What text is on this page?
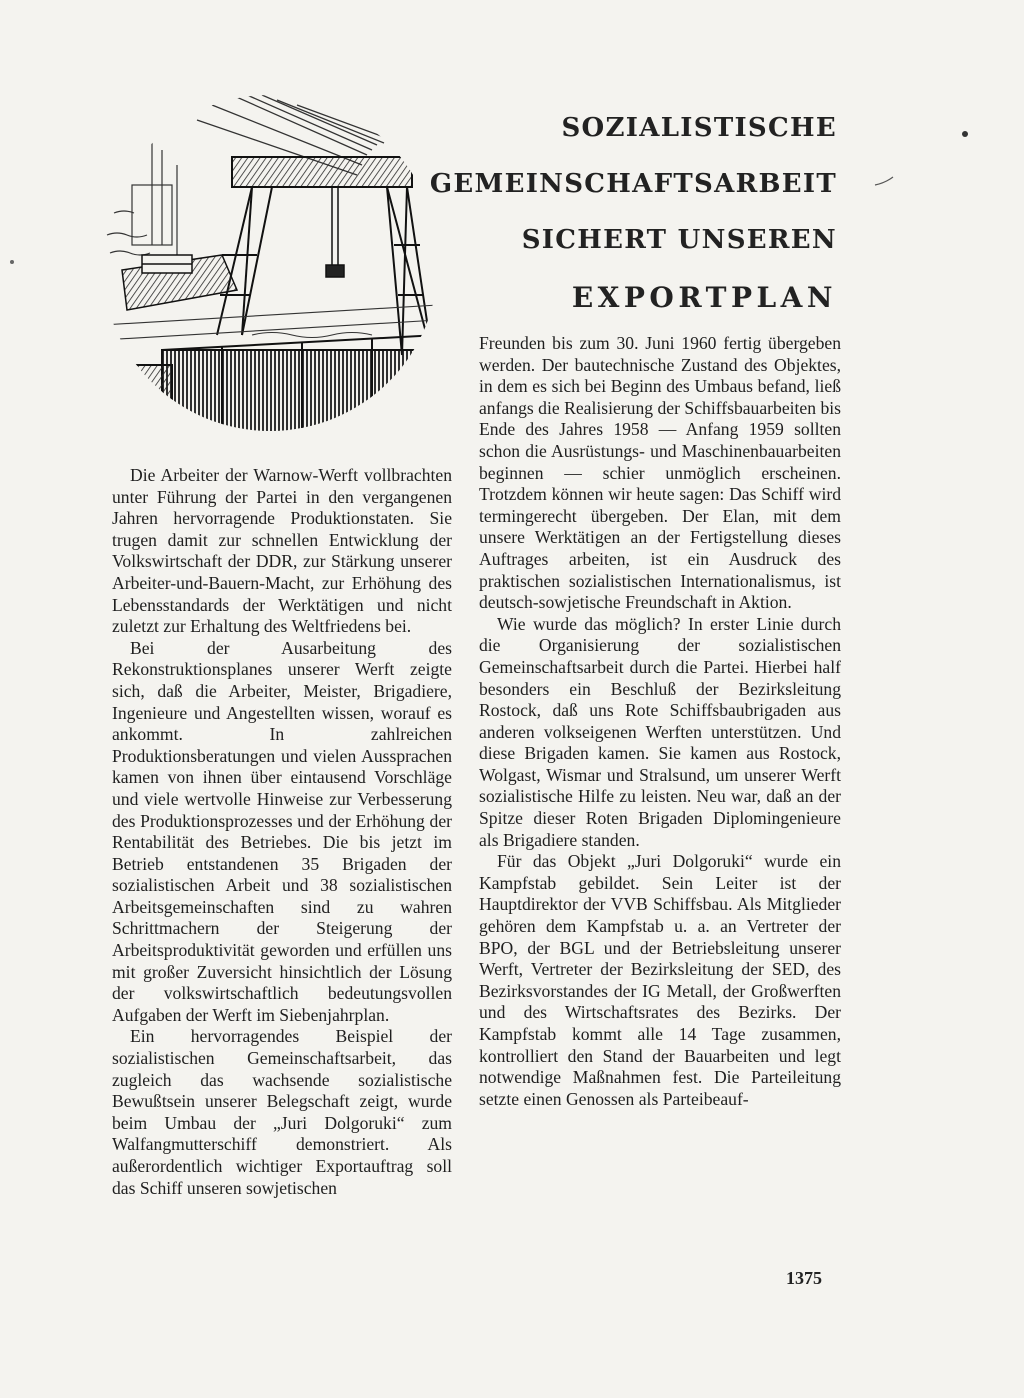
SOZIALISTISCHE
GEMEINSCHAFTSARBEIT
SICHERT UNSEREN
EXPORTPLAN

Die Arbeiter der Warnow-Werft vollbrachten unter Führung der Partei in den vergangenen Jahren hervorragende Produktionstaten. Sie trugen damit zur schnellen Entwicklung der Volkswirtschaft der DDR, zur Stärkung unserer Arbeiter-und-Bauern-Macht, zur Erhöhung des Lebensstandards der Werktätigen und nicht zuletzt zur Erhaltung des Weltfriedens bei.

Bei der Ausarbeitung des Rekonstruktionsplanes unserer Werft zeigte sich, daß die Arbeiter, Meister, Brigadiere, Ingenieure und Angestellten wissen, worauf es ankommt. In zahlreichen Produktionsberatungen und vielen Aussprachen kamen von ihnen über eintausend Vorschläge und viele wertvolle Hinweise zur Verbesserung des Produktionsprozesses und der Erhöhung der Rentabilität des Betriebes. Die bis jetzt im Betrieb entstandenen 35 Brigaden der sozialistischen Arbeit und 38 sozialistischen Arbeitsgemeinschaften sind zu wahren Schrittmachern der Steigerung der Arbeitsproduktivität geworden und erfüllen uns mit großer Zuversicht hinsichtlich der Lösung der volkswirtschaftlich bedeutungsvollen Aufgaben der Werft im Siebenjahrplan.

Ein hervorragendes Beispiel der sozialistischen Gemeinschaftsarbeit, das zugleich das wachsende sozialistische Bewußtsein unserer Belegschaft zeigt, wurde beim Umbau der „Juri Dolgoruki“ zum Walfangmutterschiff demonstriert. Als außerordentlich wichtiger Exportauftrag soll das Schiff unseren sowjetischen

Freunden bis zum 30. Juni 1960 fertig übergeben werden. Der bautechnische Zustand des Objektes, in dem es sich bei Beginn des Umbaus befand, ließ anfangs die Realisierung der Schiffsbauarbeiten bis Ende des Jahres 1958 — Anfang 1959 sollten schon die Ausrüstungs- und Maschinenbauarbeiten beginnen — schier unmöglich erscheinen. Trotzdem können wir heute sagen: Das Schiff wird termingerecht übergeben. Der Elan, mit dem unsere Werktätigen an der Fertigstellung dieses Auftrages arbeiten, ist ein Ausdruck des praktischen sozialistischen Internationalismus, ist deutsch-sowjetische Freundschaft in Aktion.

Wie wurde das möglich? In erster Linie durch die Organisierung der sozialistischen Gemeinschaftsarbeit durch die Partei. Hierbei half besonders ein Beschluß der Bezirksleitung Rostock, daß uns Rote Schiffsbaubrigaden aus anderen volkseigenen Werften unterstützen. Und diese Brigaden kamen. Sie kamen aus Rostock, Wolgast, Wismar und Stralsund, um unserer Werft sozialistische Hilfe zu leisten. Neu war, daß an der Spitze dieser Roten Brigaden Diplomingenieure als Brigadiere standen.

Für das Objekt „Juri Dolgoruki“ wurde ein Kampfstab gebildet. Sein Leiter ist der Hauptdirektor der VVB Schiffsbau. Als Mitglieder gehören dem Kampfstab u. a. an Vertreter der BPO, der BGL und der Betriebsleitung unserer Werft, Vertreter der Bezirksleitung der SED, des Bezirksvorstandes der IG Metall, der Großwerften und des Wirtschaftsrates des Bezirks. Der Kampfstab kommt alle 14 Tage zusammen, kontrolliert den Stand der Bauarbeiten und legt notwendige Maßnahmen fest. Die Parteileitung setzte einen Genossen als Parteibeauf-

1375
